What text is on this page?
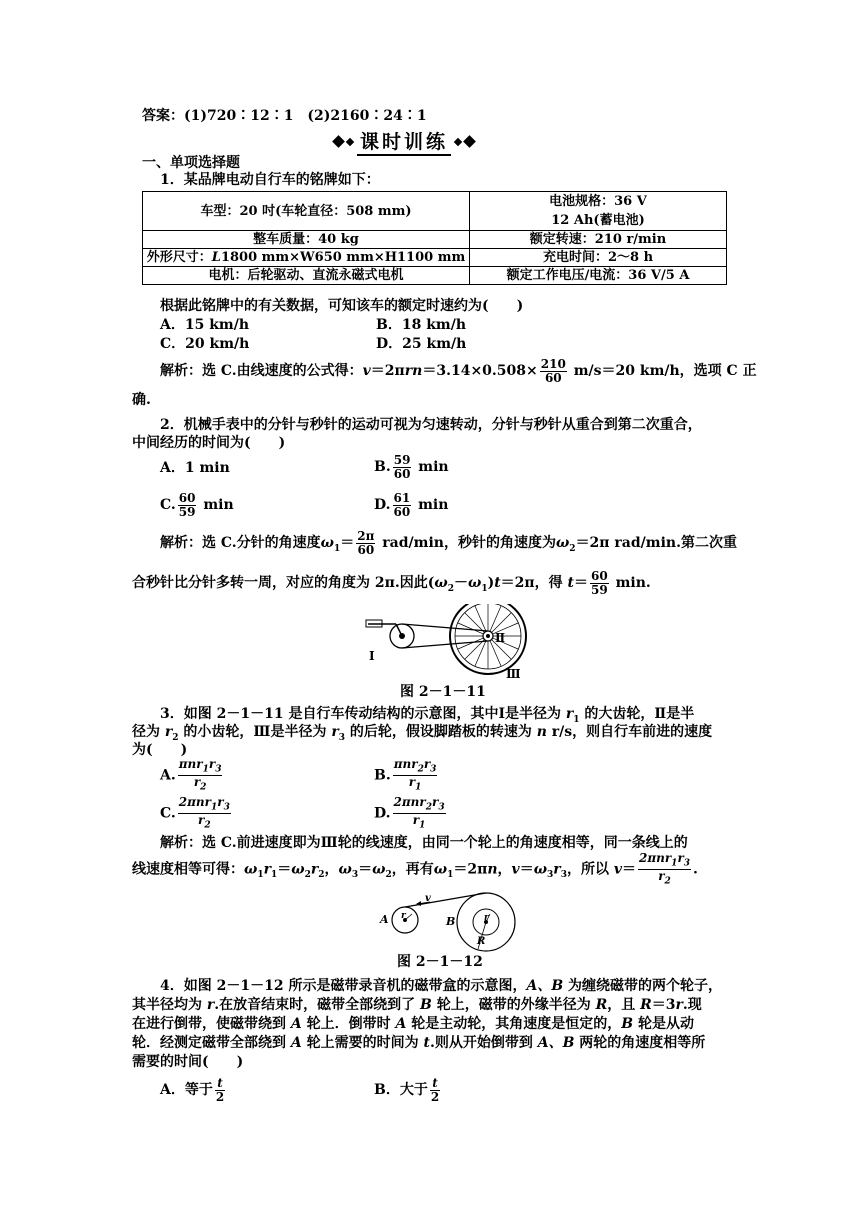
答案：(1)720∶12∶1　(2)2160∶24∶1
课时训练
一、单项选择题
1．某品牌电动自行车的铭牌如下：
车型：20 吋(车轮直径：508 mm)	电池规格：36 V
12 Ah(蓄电池)
整车质量：40 kg	额定转速：210 r/min
外形尺寸：L1800 mm×W650 mm×H1100 mm	充电时间：2～8 h
电机：后轮驱动、直流永磁式电机	额定工作电压/电流：36 V/5 A
根据此铭牌中的有关数据，可知该车的额定时速约为(　　)
A．15 km/h	B．18 km/h
C．20 km/h	D．25 km/h
解析：选 C.由线速度的公式得：$v=2\pi rn=3.14\times 0.508\times \frac{210}{60} m/s=20$ km/h，选项 C 正
确.
2．机械手表中的分针与秒针的运动可视为匀速转动，分针与秒针从重合到第二次重合，
中间经历的时间为(　　)
A．1 min	B. $\frac{59}{60}$ min
C. $\frac{60}{59}$ min	D. $\frac{61}{60}$ min
解析：选 C.分针的角速度$\omega_1= \frac{2\pi}{60} rad/\min$，秒针的角速度为$\omega_2=2\pi$ rad/min.第二次重
合秒针比分针多转一周，对应的角度为 2π.因此$(\omega_2-\omega_1)t=2\pi$，得 $t= \frac{60}{59} \min$.
Ⅰ
Ⅱ
Ⅲ
图 2－1－11
3．如图 2－1－11 是自行车传动结构的示意图，其中Ⅰ是半径为 $r_1$ 的大齿轮，Ⅱ是半
径为 $r_2$ 的小齿轮，Ⅲ是半径为 $r_3$ 的后轮，假设脚踏板的转速为 n r/s，则自行车前进的速度
为(　　)
A. $\frac{\pi nr_1r_3}{r_2}$	B. $\frac{\pi nr_2r_3}{r_1}$
C. $\frac{2\pi nr_1r_3}{r_2}$	D. $\frac{2\pi nr_2r_3}{r_1}$
解析：选 C.前进速度即为Ⅲ轮的线速度，由同一个轮上的角速度相等，同一条线上的
线速度相等可得：$\omega_1r_1=\omega_2r_2$，$\omega_3=\omega_2$，再有$\omega_1=2\pi n$，$v=\omega_3r_3$，所以 $v= \frac{2\pi nr_1r_3}{r_2}$ .
A	B
v
r	r
R
图 2－1－12
4．如图 2－1－12 所示是磁带录音机的磁带盒的示意图，A、B 为缠绕磁带的两个轮子，
其半径均为 r.在放音结束时，磁带全部绕到了 B 轮上，磁带的外缘半径为 R，且 R＝3r.现
在进行倒带，使磁带绕到 A 轮上．倒带时 A 轮是主动轮，其角速度是恒定的，B 轮是从动
轮．经测定磁带全部绕到 A 轮上需要的时间为 t.则从开始倒带到 A、B 两轮的角速度相等所
需要的时间(　　)
A．等于 $\frac{t}{2}$	B．大于 $\frac{t}{2}$
